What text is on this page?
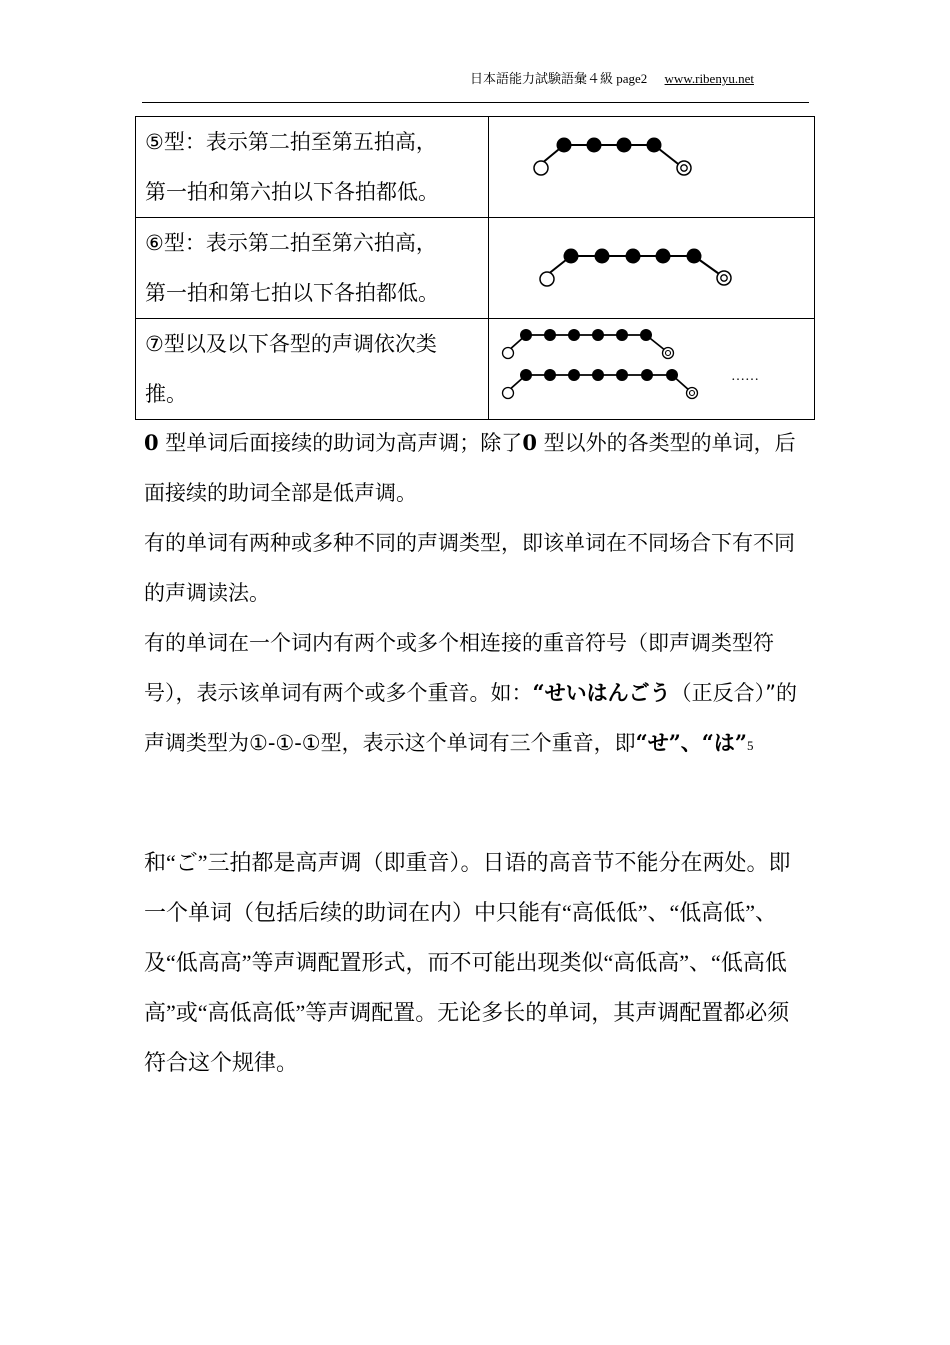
日本語能力試験語彙４級 page2 www.ribenyu.net
⑤型：表示第二拍至第五拍高，
第一拍和第六拍以下各拍都低。

⑥型：表示第二拍至第六拍高，
第一拍和第七拍以下各拍都低。

⑦型以及以下各型的声调依次类
推。	……

0 型单词后面接续的助词为高声调；除了0 型以外的各类型的单词，后面接续的助词全部是低声调。

有的单词有两种或多种不同的声调类型，即该单词在不同场合下有不同的声调读法。

有的单词在一个词内有两个或多个相连接的重音符号（即声调类型符号），表示该单词有两个或多个重音。如：“せいはんごう（正反合）”的声调类型为①-①-①型，表示这个单词有三个重音，即“せ”、“は”5

和“ご”三拍都是高声调（即重音）。日语的高音节不能分在两处。即一个单词（包括后续的助词在内）中只能有“高低低”、“低高低”、及“低高高”等声调配置形式，而不可能出现类似“高低高”、“低高低高”或“高低高低”等声调配置。无论多长的单词，其声调配置都必须符合这个规律。
